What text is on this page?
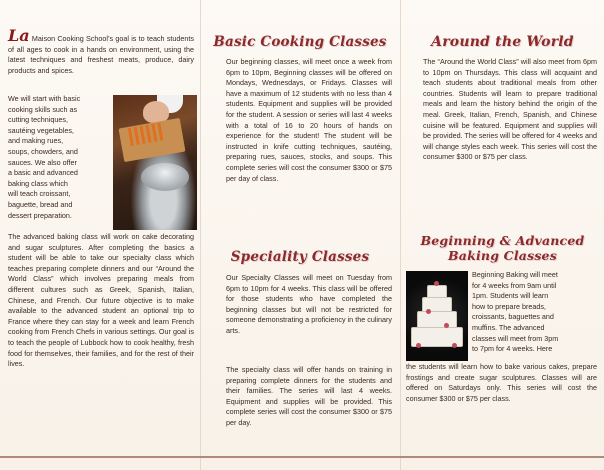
La Maison Cooking School’s goal is to teach students of all ages to cook in a hands on environment, using the latest techniques and freshest meats, produce, dairy products and spices.

We will start with basic
cooking skills such as
cutting techniques,
sautéing vegetables,
and making rues,
soups, chowders, and
sauces. We also offer
a basic and advanced
baking class which
will teach croissant,
baguette, bread and
dessert preparation.

The advanced baking class will work on cake decorating and sugar sculptures. After completing the basics a student will be able to take our specialty class which teaches preparing complete dinners and our “Around the World Class” which involves preparing meals from different cultures such as Greek, Spanish, Italian, Chinese, and French. Our future objective is to make available to the advanced student an optional trip to France where they can stay for a week and learn French cooking from French Chefs in various settings. Our goal is to teach the people of Lubbock how to cook healthy, fresh food for themselves, their families, and for the rest of their lives.

Basic Cooking Classes

Our beginning classes, will meet once a week from 6pm to 10pm, Beginning classes will be offered on Mondays, Wednesdays, or Fridays. Classes will have a maximum of 12 students with no less than 4 students. Equipment and supplies will be provided for the student. A session or series will last 4 weeks with a total of 16 to 20 hours of hands on experience for the student! The student will be instructed in knife cutting techniques, sautéing, preparing rues, sauces, stocks, and soups. This complete series will cost the consumer $300 or $75 per day of class.

Speciality Classes

Our Specialty Classes will meet on Tuesday from 6pm to 10pm for 4 weeks. This class will be offered for those students who have completed the beginning classes but will not be restricted for someone demonstrating a proficiency in the culinary arts.

The specialty class will offer hands on training in preparing complete dinners for the students and their families. The series will last 4 weeks. Equipment and supplies will be provided. This complete series will cost the consumer $300 or $75 per day.

Around the World

The “Around the World Class” will also meet from 6pm to 10pm on Thursdays. This class will acquaint and teach students about traditional meals from other countries. Students will learn to prepare traditional meals and learn the history behind the origin of the meal. Greek, Italian, French, Spanish, and Chinese cuisine will be featured. Equipment and supplies will be provided. The series will be offered for 4 weeks and will change styles each week. This series will cost the consumer $300 or $75 per class.

Beginning & Advanced
Baking Classes
Beginning Baking will meet
for 4 weeks from 9am until
1pm. Students will learn
how to prepare breads,
croissants, baguettes and
muffins. The advanced
classes will meet from 3pm
to 7pm for 4 weeks. Here

the students will learn how to bake various cakes, prepare frostings and create sugar sculptures. Classes will are offered on Saturdays only. This series will cost the consumer $300 or $75 per class.
